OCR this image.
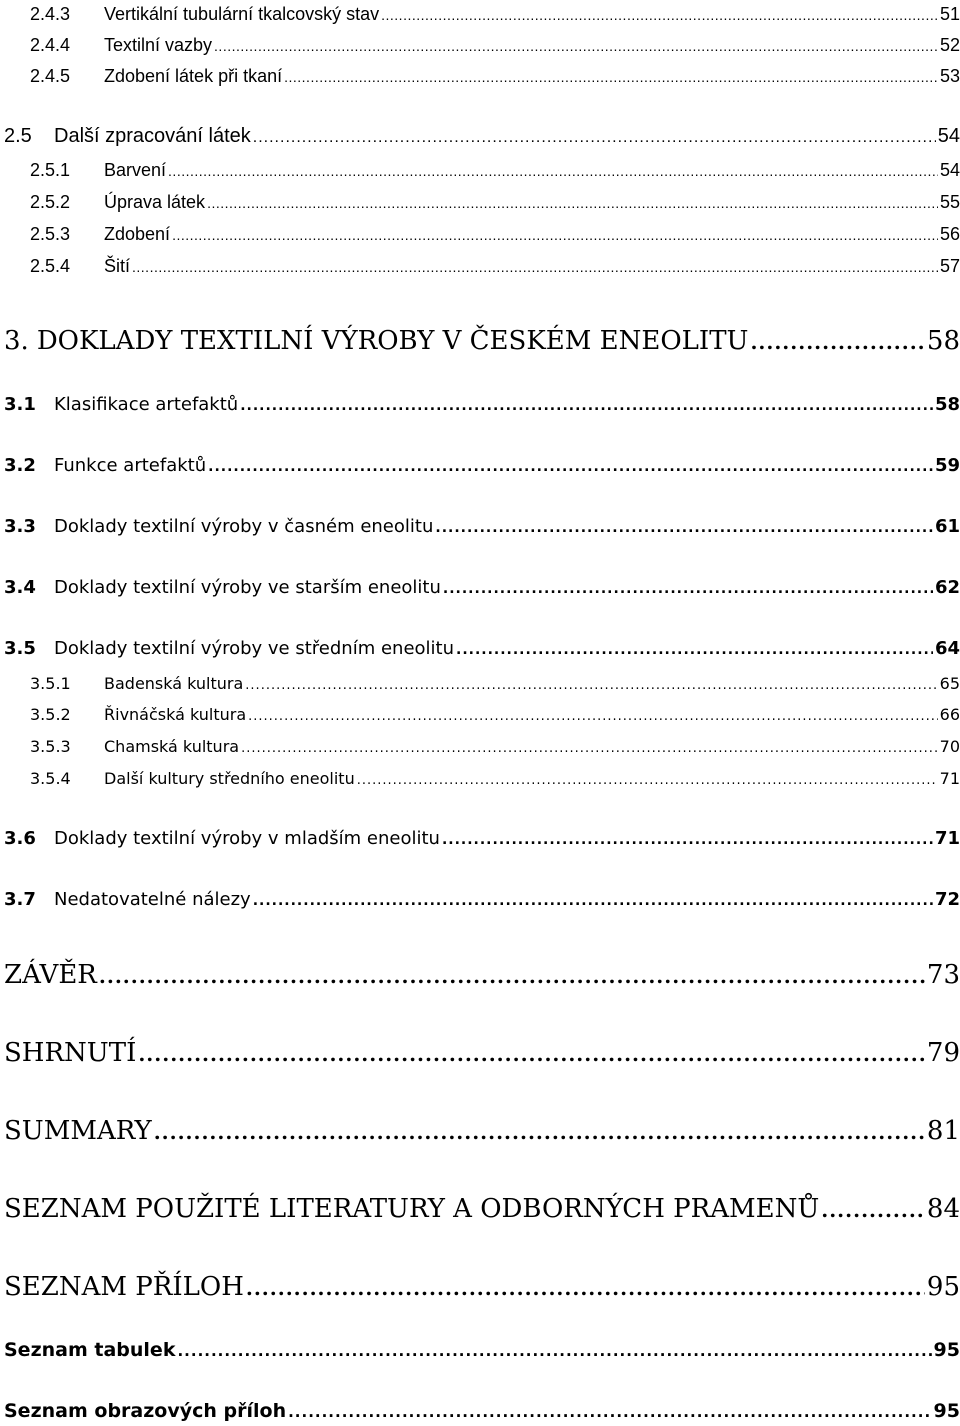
2.4.3	Vertikální tubulární tkalcovský stav .....	51
2.4.4	Textilní vazby .....	52
2.4.5	Zdobení látek při tkaní .....	53
2.5	Další zpracování látek .....	54
2.5.1	Barvení .....	54
2.5.2	Úprava látek .....	55
2.5.3	Zdobení .....	56
2.5.4	Šití .....	57
3. DOKLADY TEXTILNÍ VÝROBY V ČESKÉM ENEOLITU .....	58
3.1	Klasifikace artefaktů .....	58
3.2	Funkce artefaktů .....	59
3.3	Doklady textilní výroby v časném eneolitu .....	61
3.4	Doklady textilní výroby ve starším eneolitu .....	62
3.5	Doklady textilní výroby ve středním eneolitu .....	64
3.5.1	Badenská kultura .....	65
3.5.2	Řivnáčská kultura .....	66
3.5.3	Chamská kultura .....	70
3.5.4	Další kultury středního eneolitu .....	71
3.6	Doklady textilní výroby v mladším eneolitu .....	71
3.7	Nedatovatelné nálezy .....	72
ZÁVĚR .....	73
SHRNUTÍ .....	79
SUMMARY .....	81
SEZNAM POUŽITÉ LITERATURY A ODBORNÝCH PRAMENŮ .....	84
SEZNAM PŘÍLOH .....	95
Seznam tabulek .....	95
Seznam obrazových příloh .....	95
